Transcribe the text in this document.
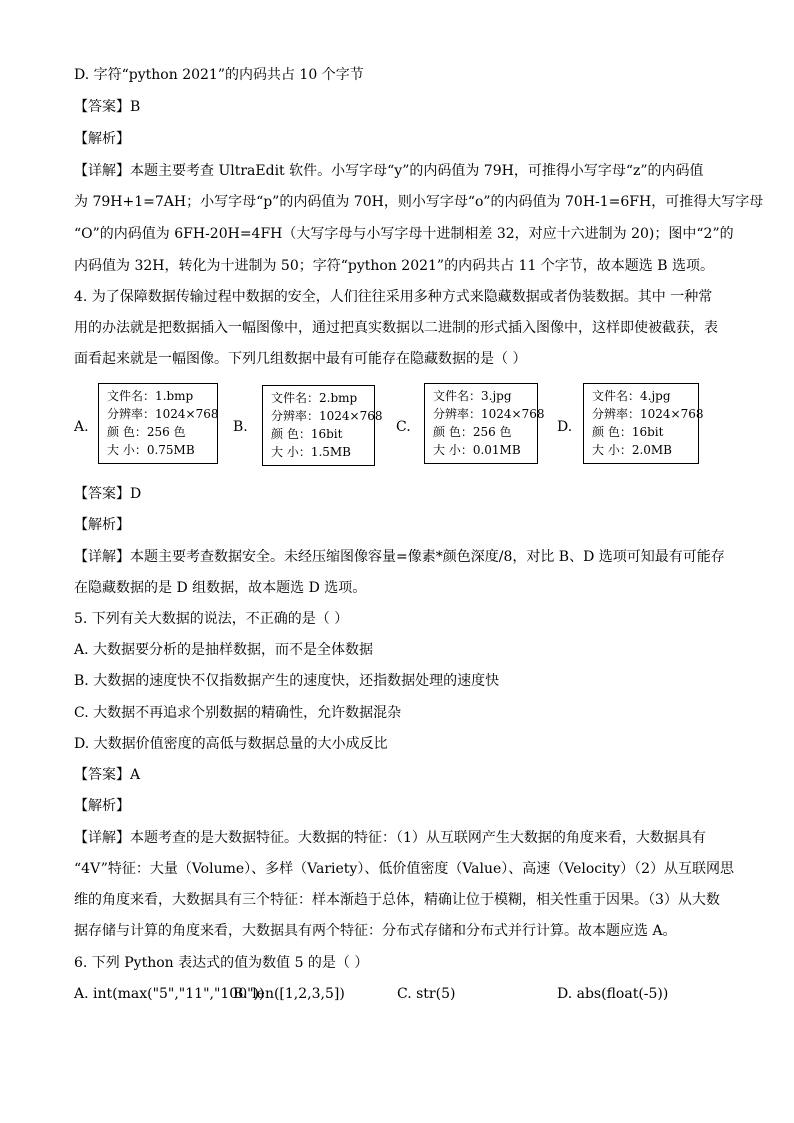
D. 字符“python 2021”的内码共占 10 个字节
【答案】B
【解析】
【详解】本题主要考查 UltraEdit 软件。小写字母“y”的内码值为 79H，可推得小写字母“z”的内码值
为 79H+1=7AH；小写字母“p”的内码值为 70H，则小写字母“o”的内码值为 70H-1=6FH，可推得大写字母
“O”的内码值为 6FH-20H=4FH（大写字母与小写字母十进制相差 32，对应十六进制为 20)；图中“2”的
内码值为 32H，转化为十进制为 50；字符“python 2021”的内码共占 11 个字节，故本题选 B 选项。
4. 为了保障数据传输过程中数据的安全，人们往往采用多种方式来隐藏数据或者伪装数据。其中 一种常
用的办法就是把数据插入一幅图像中，通过把真实数据以二进制的形式插入图像中，这样即使被截获，表
面看起来就是一幅图像。下列几组数据中最有可能存在隐藏数据的是（ ）
A.
文件名：1.bmp
分辨率：1024×768
颜 色：256 色
大 小：0.75MB
B.
文件名：2.bmp
分辨率：1024×768
颜 色：16bit
大 小：1.5MB
C.
文件名：3.jpg
分辨率：1024×768
颜 色：256 色
大 小：0.01MB
D.
文件名：4.jpg
分辨率：1024×768
颜 色：16bit
大 小：2.0MB
【答案】D
【解析】
【详解】本题主要考查数据安全。未经压缩图像容量=像素*颜色深度/8，对比 B、D 选项可知最有可能存
在隐藏数据的是 D 组数据，故本题选 D 选项。
5. 下列有关大数据的说法，不正确的是（ ）
A. 大数据要分析的是抽样数据，而不是全体数据
B. 大数据的速度快不仅指数据产生的速度快，还指数据处理的速度快
C. 大数据不再追求个别数据的精确性，允许数据混杂
D. 大数据价值密度的高低与数据总量的大小成反比
【答案】A
【解析】
【详解】本题考查的是大数据特征。大数据的特征：（1）从互联网产生大数据的角度来看，大数据具有
“4V”特征：大量（Volume）、多样（Variety）、低价值密度（Value）、高速（Velocity）（2）从互联网思
维的角度来看，大数据具有三个特征：样本渐趋于总体，精确让位于模糊，相关性重于因果。（3）从大数
据存储与计算的角度来看，大数据具有两个特征：分布式存储和分布式并行计算。故本题应选 A。
6. 下列 Python 表达式的值为数值 5 的是（ ）
A. int(max("5","11","100"))
B. len([1,2,3,5])	C. str(5)	D. abs(float(-5))
